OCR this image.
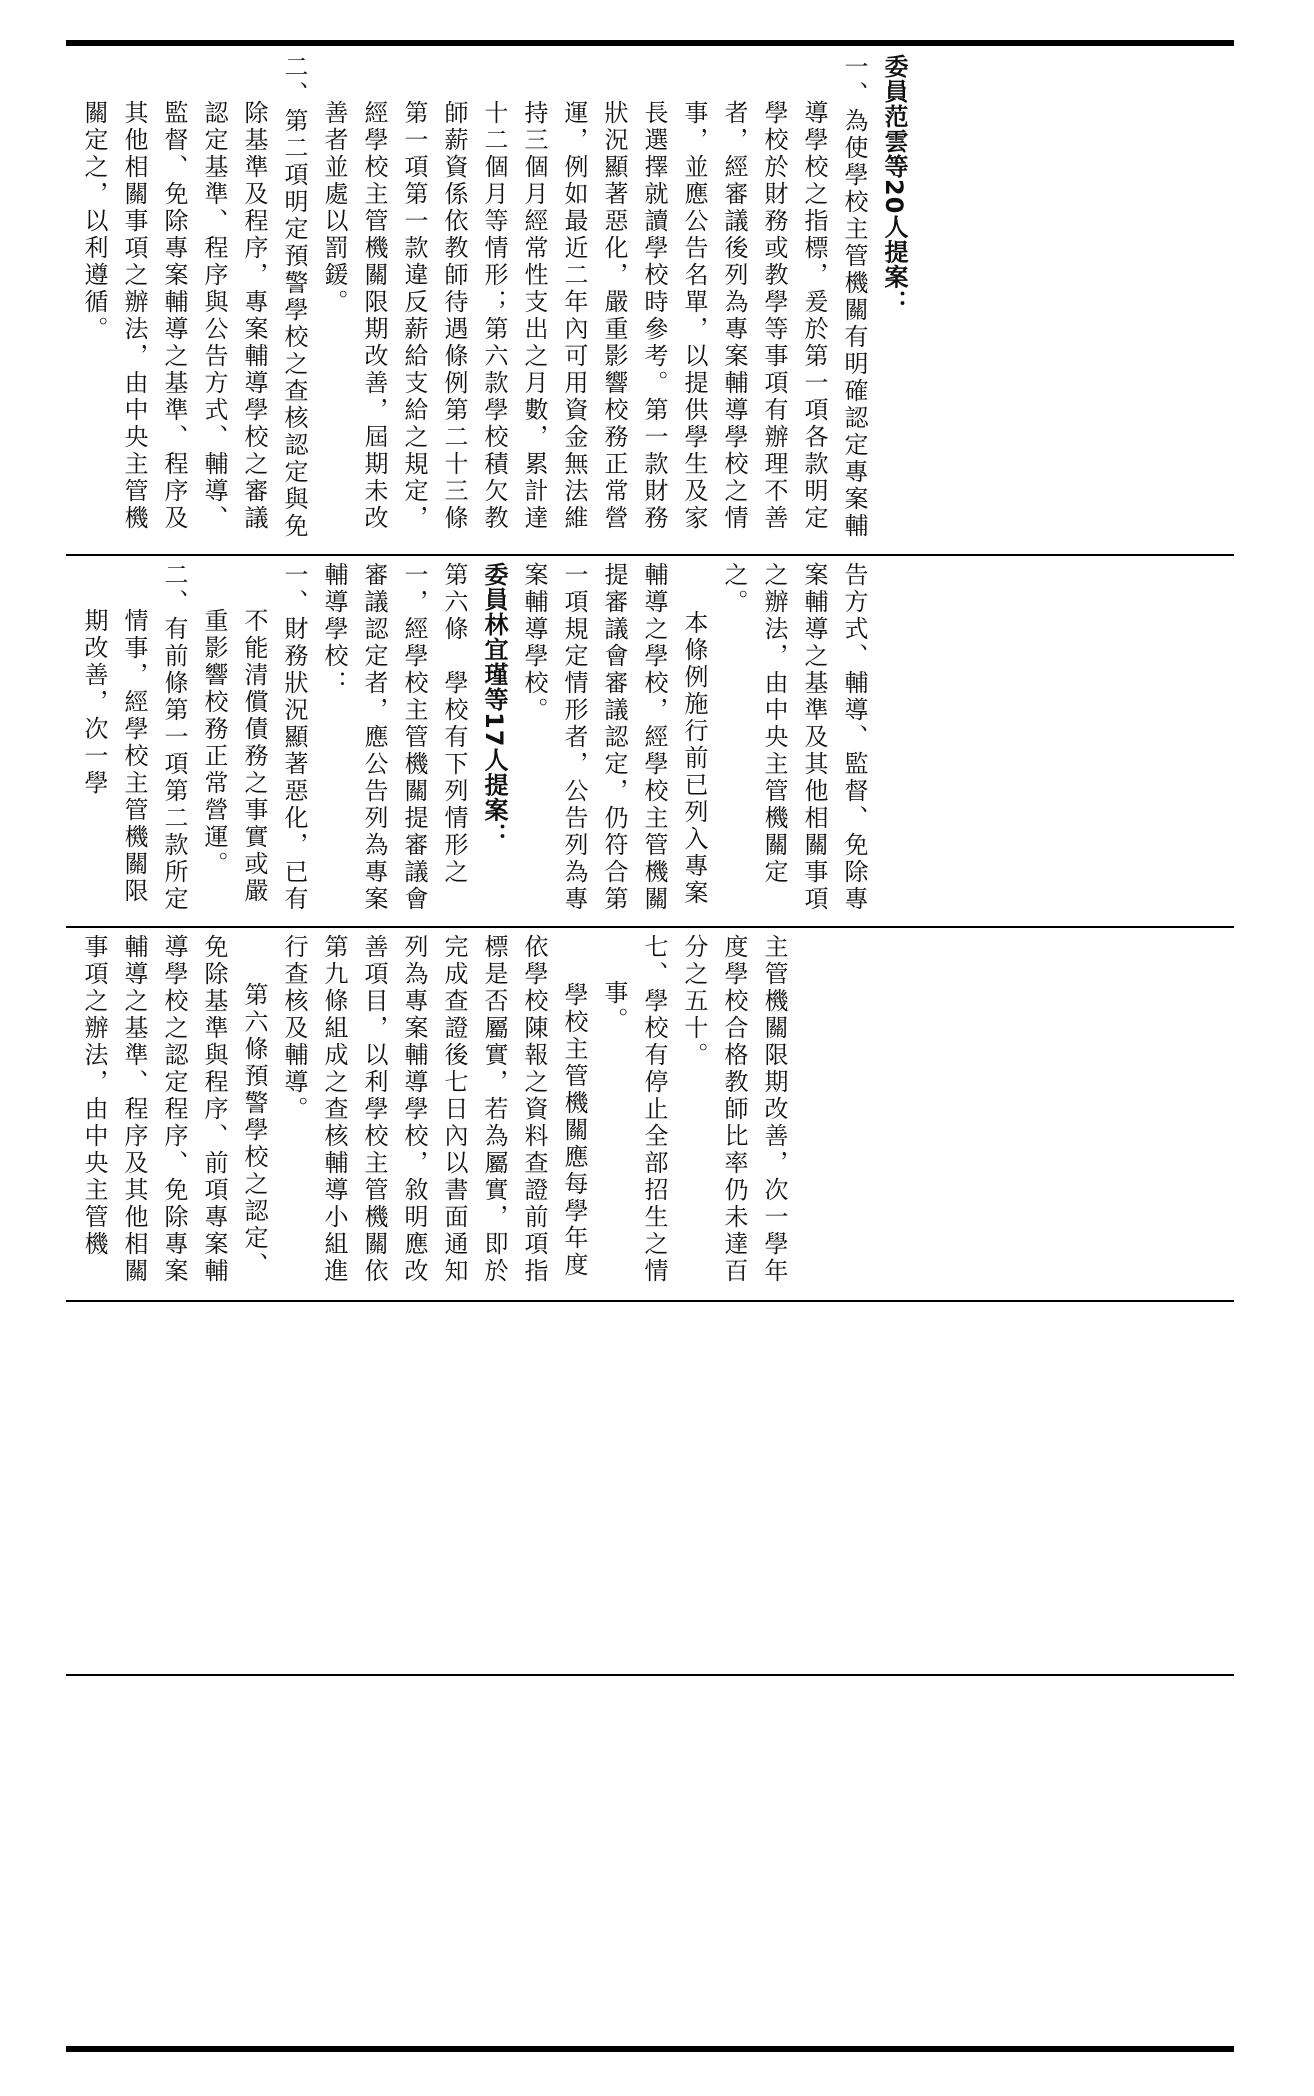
委員范雲等20人提案：

一、為使學校主管機關有明確認定專案輔導學校之指標，爰於第一項各款明定學校於財務或教學等事項有辦理不善者，經審議後列為專案輔導學校之情事，並應公告名單，以提供學生及家長選擇就讀學校時參考。第一款財務狀況顯著惡化，嚴重影響校務正常營運，例如最近二年內可用資金無法維持三個月經常性支出之月數，累計達十二個月等情形；第六款學校積欠教師薪資係依教師待遇條例第二十三條第一項第一款違反薪給支給之規定，經學校主管機關限期改善，屆期未改善者並處以罰鍰。

二、第二項明定預警學校之查核認定與免除基準及程序，專案輔導學校之審議認定基準、程序與公告方式、輔導、監督、免除專案輔導之基準、程序及其他相關事項之辦法，由中央主管機關定之，以利遵循。

告方式、輔導、監督、免除專案輔導之基準及其他相關事項之辦法，由中央主管機關定之。

本條例施行前已列入專案輔導之學校，經學校主管機關提審議會審議認定，仍符合第一項規定情形者，公告列為專案輔導學校。

委員林宜瑾等17人提案：

第六條　學校有下列情形之一，經學校主管機關提審議會審議認定者，應公告列為專案輔導學校：

一、財務狀況顯著惡化，已有不能清償債務之事實或嚴重影響校務正常營運。

二、有前條第一項第二款所定情事，經學校主管機關限期改善，次一學

主管機關限期改善，次一學年度學校合格教師比率仍未達百分之五十。

七、學校有停止全部招生之情事。

學校主管機關應每學年度依學校陳報之資料查證前項指標是否屬實，若為屬實，即於完成查證後七日內以書面通知列為專案輔導學校，敘明應改善項目，以利學校主管機關依第九條組成之查核輔導小組進行查核及輔導。

第六條預警學校之認定、免除基準與程序、前項專案輔導學校之認定程序、免除專案輔導之基準、程序及其他相關事項之辦法，由中央主管機
